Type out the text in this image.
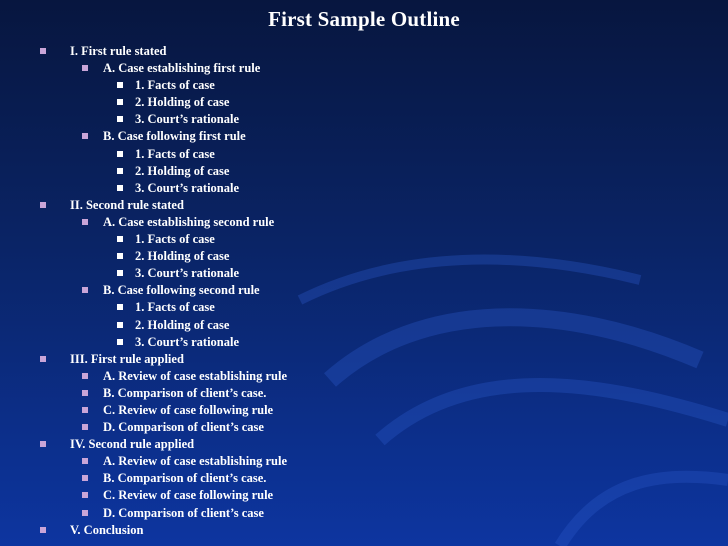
First Sample Outline
I. First rule stated
A. Case establishing first rule
1. Facts of case
2. Holding of case
3. Court’s rationale
B. Case following first rule
1. Facts of case
2. Holding of case
3. Court’s rationale
II. Second rule stated
A. Case establishing second rule
1. Facts of case
2. Holding of case
3. Court’s rationale
B. Case following second rule
1. Facts of case
2. Holding of case
3. Court’s rationale
III. First rule applied
A. Review of case establishing rule
B. Comparison of client’s case.
C. Review of case following rule
D. Comparison of client’s case
IV. Second rule applied
A. Review of case establishing rule
B. Comparison of client’s case.
C. Review of case following rule
D. Comparison of client’s case
V. Conclusion
